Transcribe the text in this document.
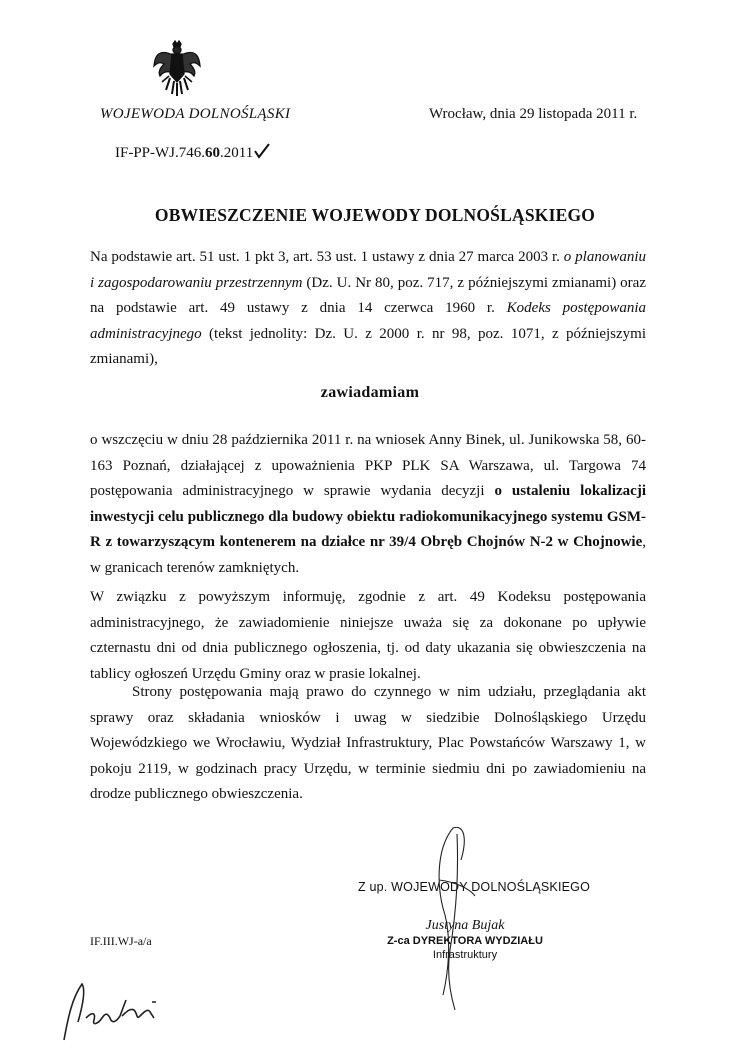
WOJEWODA DOLNOŚLĄSKI	Wrocław, dnia 29 listopada 2011 r.
IF-PP-WJ.746.60.2011
OBWIESZCZENIE WOJEWODY DOLNOŚLĄSKIEGO
Na podstawie art. 51 ust. 1 pkt 3, art. 53 ust. 1 ustawy z dnia 27 marca 2003 r. o planowaniu i zagospodarowaniu przestrzennym (Dz. U. Nr 80, poz. 717, z późniejszymi zmianami) oraz na podstawie art. 49 ustawy z dnia 14 czerwca 1960 r. Kodeks postępowania administracyjnego (tekst jednolity: Dz. U. z 2000 r. nr 98, poz. 1071, z późniejszymi zmianami),
zawiadamiam
o wszczęciu w dniu 28 października 2011 r. na wniosek Anny Binek, ul. Junikowska 58, 60-163 Poznań, działającej z upoważnienia PKP PLK SA Warszawa, ul. Targowa 74 postępowania administracyjnego w sprawie wydania decyzji o ustaleniu lokalizacji inwestycji celu publicznego dla budowy obiektu radiokomunikacyjnego systemu GSM-R z towarzyszącym kontenerem na działce nr 39/4 Obręb Chojnów N-2 w Chojnowie, w granicach terenów zamkniętych.
W związku z powyższym informuję, zgodnie z art. 49 Kodeksu postępowania administracyjnego, że zawiadomienie niniejsze uważa się za dokonane po upływie czternastu dni od dnia publicznego ogłoszenia, tj. od daty ukazania się obwieszczenia na tablicy ogłoszeń Urzędu Gminy oraz w prasie lokalnej.
Strony postępowania mają prawo do czynnego w nim udziału, przeglądania akt sprawy oraz składania wniosków i uwag w siedzibie Dolnośląskiego Urzędu Wojewódzkiego we Wrocławiu, Wydział Infrastruktury, Plac Powstańców Warszawy 1, w pokoju 2119, w godzinach pracy Urzędu, w terminie siedmiu dni po zawiadomieniu na drodze publicznego obwieszczenia.
Z up. WOJEWODY DOLNOŚLĄSKIEGO
Justyna Bujak
Z-ca DYREKTORA WYDZIAŁU
Infrastruktury
IF.III.WJ-a/a
